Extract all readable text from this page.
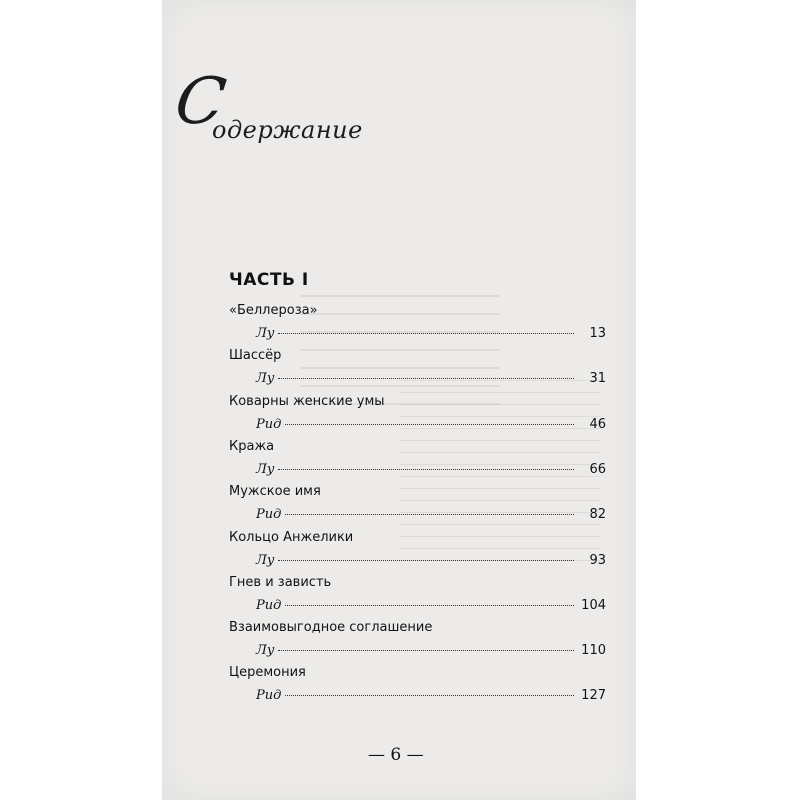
С
одержание
ЧАСТЬ I
«Беллероза»
Лу	13
Шассёр
Лу	31
Коварны женские умы
Рид	46
Кража
Лу	66
Мужское имя
Рид	82
Кольцо Анжелики
Лу	93
Гнев и зависть
Рид	104
Взаимовыгодное соглашение
Лу	110
Церемония
Рид	127
— 6 —
